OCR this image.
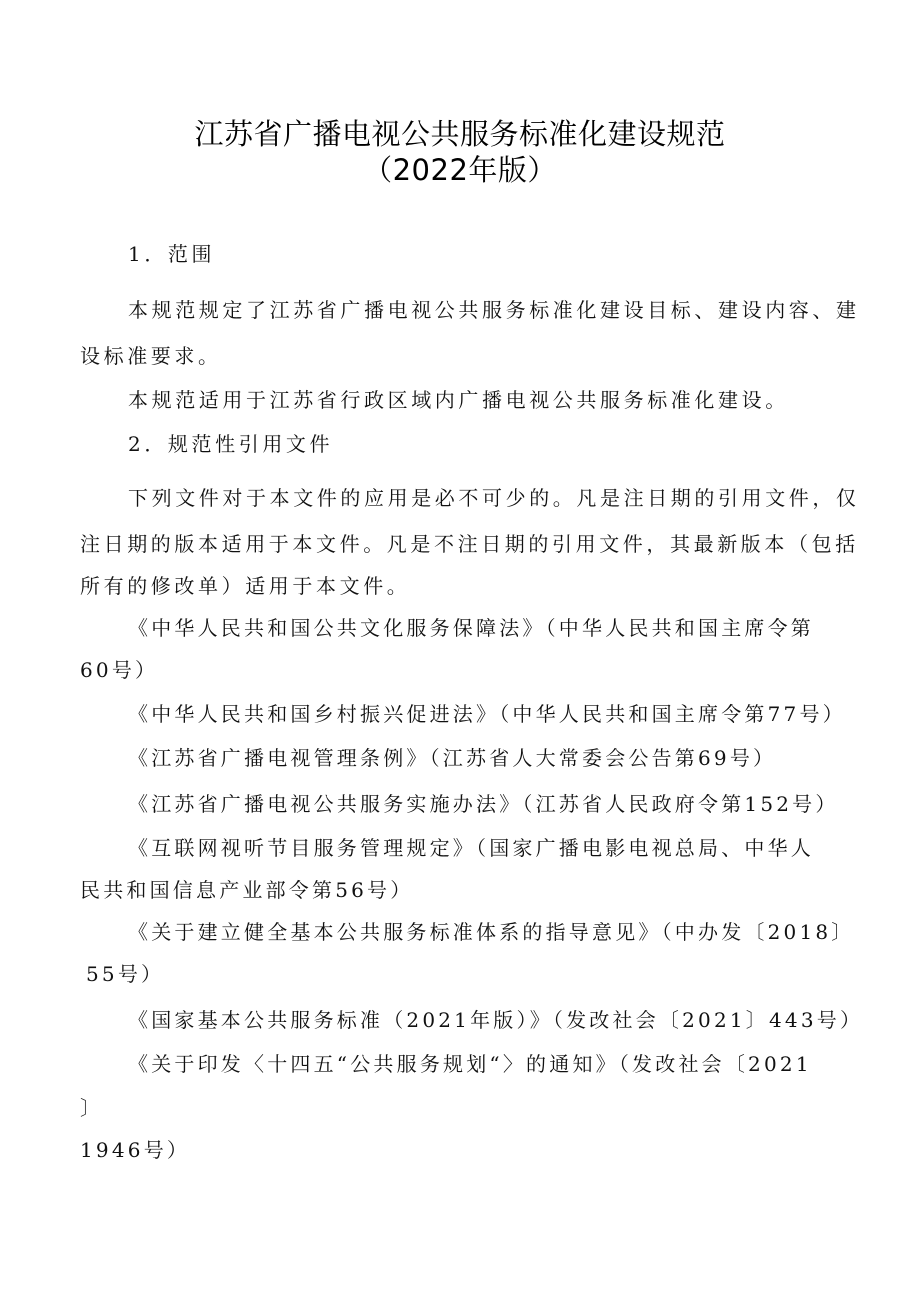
江苏省广播电视公共服务标准化建设规范
（2022年版）
1．范围
本规范规定了江苏省广播电视公共服务标准化建设目标、建设内容、建
设标准要求。
本规范适用于江苏省行政区域内广播电视公共服务标准化建设。
2．规范性引用文件
下列文件对于本文件的应用是必不可少的。凡是注日期的引用文件，仅
注日期的版本适用于本文件。凡是不注日期的引用文件，其最新版本（包括
所有的修改单）适用于本文件。
《中华人民共和国公共文化服务保障法》（中华人民共和国主席令第
60号）
《中华人民共和国乡村振兴促进法》（中华人民共和国主席令第77号）
《江苏省广播电视管理条例》（江苏省人大常委会公告第69号）
《江苏省广播电视公共服务实施办法》（江苏省人民政府令第152号）
《互联网视听节目服务管理规定》（国家广播电影电视总局、中华人
民共和国信息产业部令第56号）
《关于建立健全基本公共服务标准体系的指导意见》（中办发〔2018〕
55号）
《国家基本公共服务标准（2021年版）》（发改社会〔2021〕443号）
《关于印发〈十四五“公共服务规划“〉的通知》（发改社会〔2021
〕
1946号）
